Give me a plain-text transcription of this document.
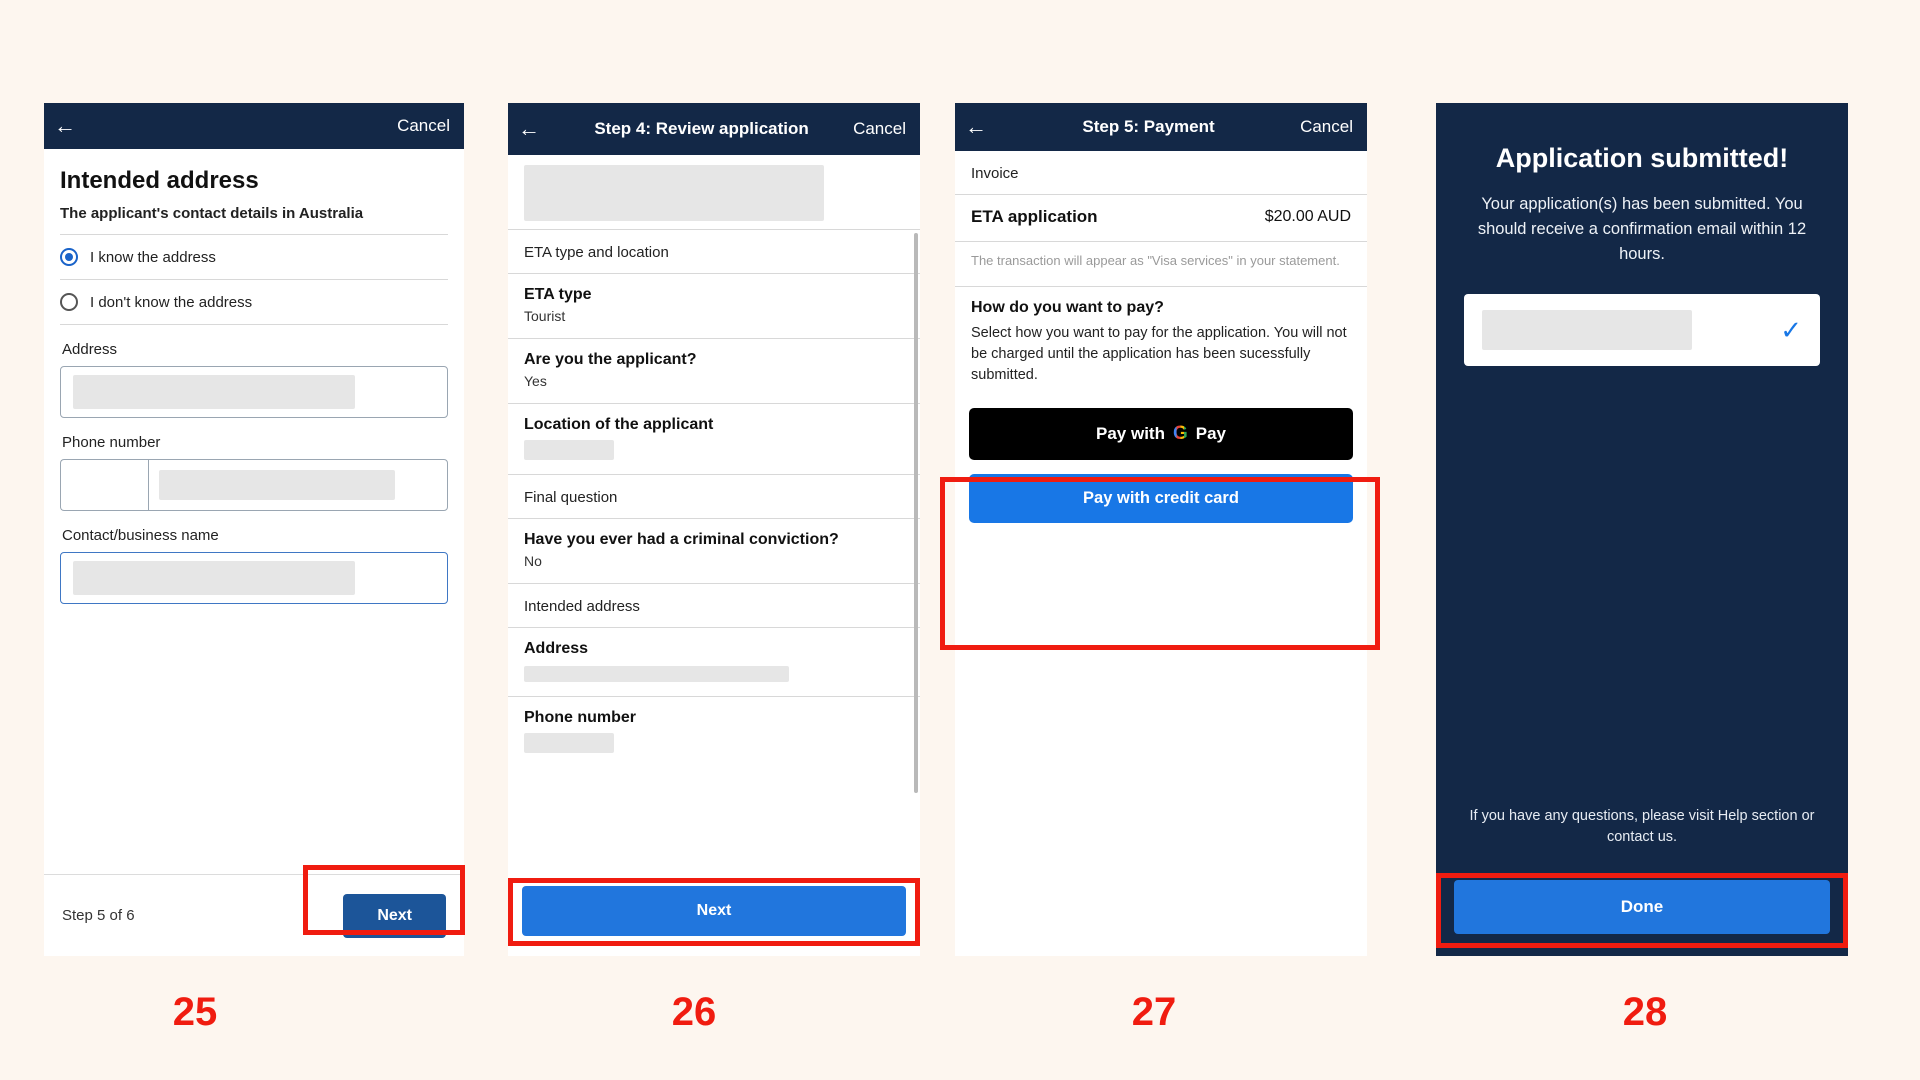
←	Cancel
Intended address
The applicant's contact details in Australia
I know the address
I don't know the address
Address
Phone number
Contact/business name
Step 5 of 6	Next
←	Step 4: Review application	Cancel
ETA type and location
ETA type
Tourist
Are you the applicant?
Yes
Location of the applicant
Final question
Have you ever had a criminal conviction?
No
Intended address
Address
Phone number
Next
←	Step 5: Payment	Cancel
Invoice
ETA application	$20.00 AUD
The transaction will appear as "Visa services" in your statement.
How do you want to pay?
Select how you want to pay for the application. You will not be charged until the application has been sucessfully submitted.
Pay with G Pay
Pay with credit card
Application submitted!

Your application(s) has been submitted. You should receive a confirmation email within 12 hours.

✓
If you have any questions, please visit Help section or contact us.
Done
25	26	27	28
